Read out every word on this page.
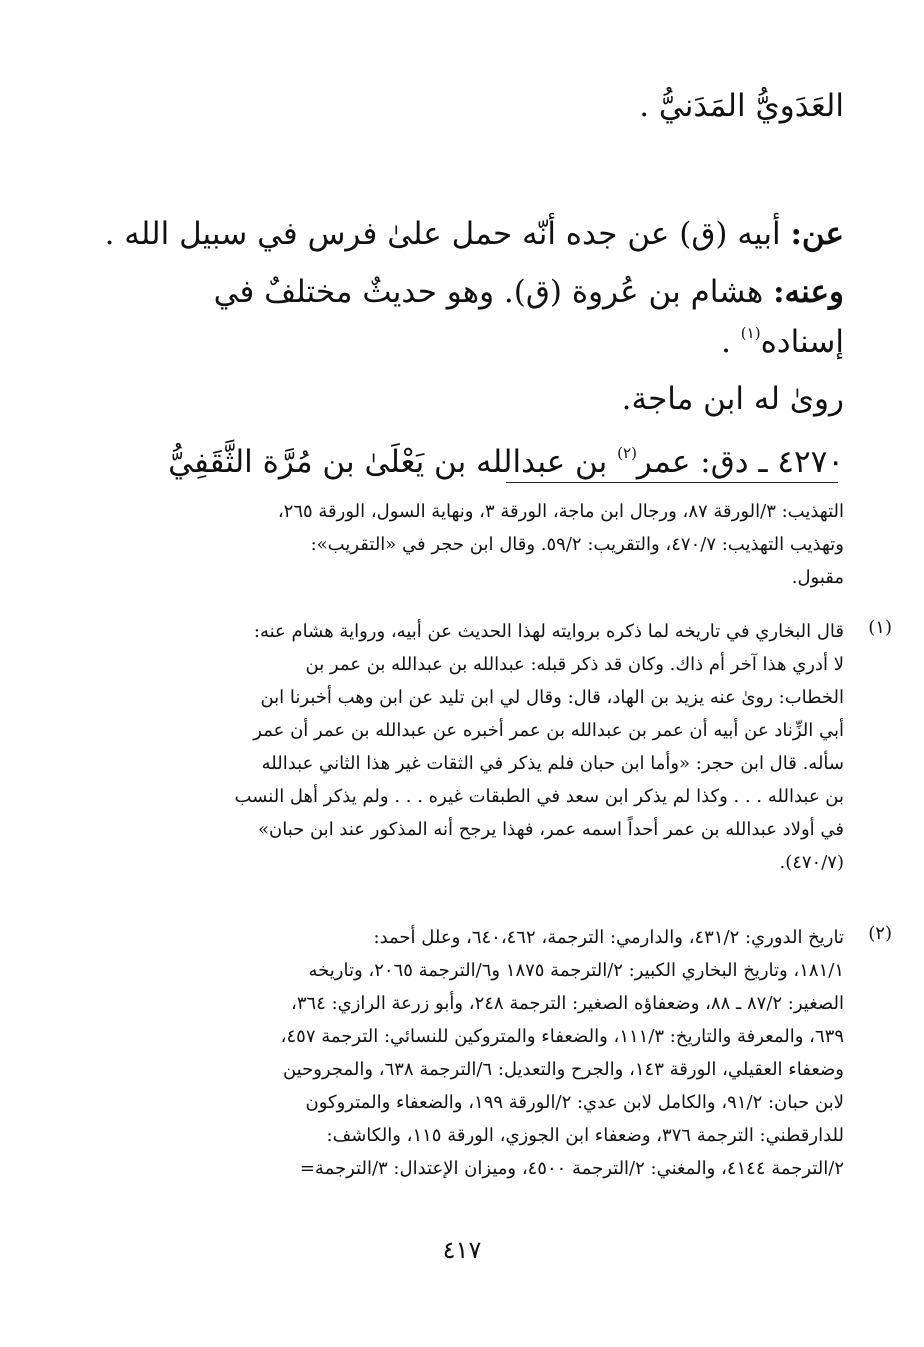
العَدَويُّ المَدَنيُّ .

عن: أبيه (ق) عن جده أنّه حمل علىٰ فرس في سبيل الله .

وعنه: هشام بن عُروة (ق). وهو حديثٌ مختلفٌ في

إسناده$^{(١)}$ .

رویٰ له ابن ماجة.

٤٢٧٠ ـ دق: عمر$^{(٢)}$ بن عبدالله بن يَعْلَىٰ بن مُرَّة الثَّقَفِيُّ

التهذيب: ٣/الورقة ٨٧، ورجال ابن ماجة، الورقة ٣، ونهاية السول، الورقة ٢٦٥،

وتهذيب التهذيب: ٤٧٠/٧، والتقريب: ٥٩/٢. وقال ابن حجر في «التقريب»:

مقبول.

(١)

قال البخاري في تاريخه لما ذكره بروايته لهذا الحديث عن أبيه، ورواية هشام عنه:

لا أدري هذا آخر أم ذاك. وكان قد ذكر قبله: عبدالله بن عبدالله بن عمر بن

الخطاب: روىٰ عنه يزيد بن الهاد، قال: وقال لي ابن تليد عن ابن وهب أخبرنا ابن

أبي الزِّناد عن أبيه أن عمر بن عبدالله بن عمر أخبره عن عبدالله بن عمر أن عمر

سأله. قال ابن حجر: «وأما ابن حبان فلم يذكر في الثقات غير هذا الثاني عبدالله

بن عبدالله . . . وكذا لم يذكر ابن سعد في الطبقات غيره . . . ولم يذكر أهل النسب

في أولاد عبدالله بن عمر أحداً اسمه عمر، فهذا يرجح أنه المذكور عند ابن حبان»

(٤٧٠/٧).

(٢)

تاريخ الدوري: ٤٣١/٢، والدارمي: الترجمة، ٦٤٠،٤٦٢، وعلل أحمد:

١٨١/١، وتاريخ البخاري الكبير: ٢/الترجمة ١٨٧٥ و٦/الترجمة ٢٠٦٥، وتاريخه

الصغير: ٨٧/٢ ـ ٨٨، وضعفاؤه الصغير: الترجمة ٢٤٨، وأبو زرعة الرازي: ٣٦٤،

٦٣٩، والمعرفة والتاريخ: ١١١/٣، والضعفاء والمتروكين للنسائي: الترجمة ٤٥٧،

وضعفاء العقيلي، الورقة ١٤٣، والجرح والتعديل: ٦/الترجمة ٦٣٨، والمجروحين

لابن حبان: ٩١/٢، والكامل لابن عدي: ٢/الورقة ١٩٩، والضعفاء والمتروكون

للدارقطني: الترجمة ٣٧٦، وضعفاء ابن الجوزي، الورقة ١١٥، والكاشف:

٢/الترجمة ٤١٤٤، والمغني: ٢/الترجمة ٤٥٠٠، وميزان الإعتدال: ٣/الترجمة=

٤١٧
